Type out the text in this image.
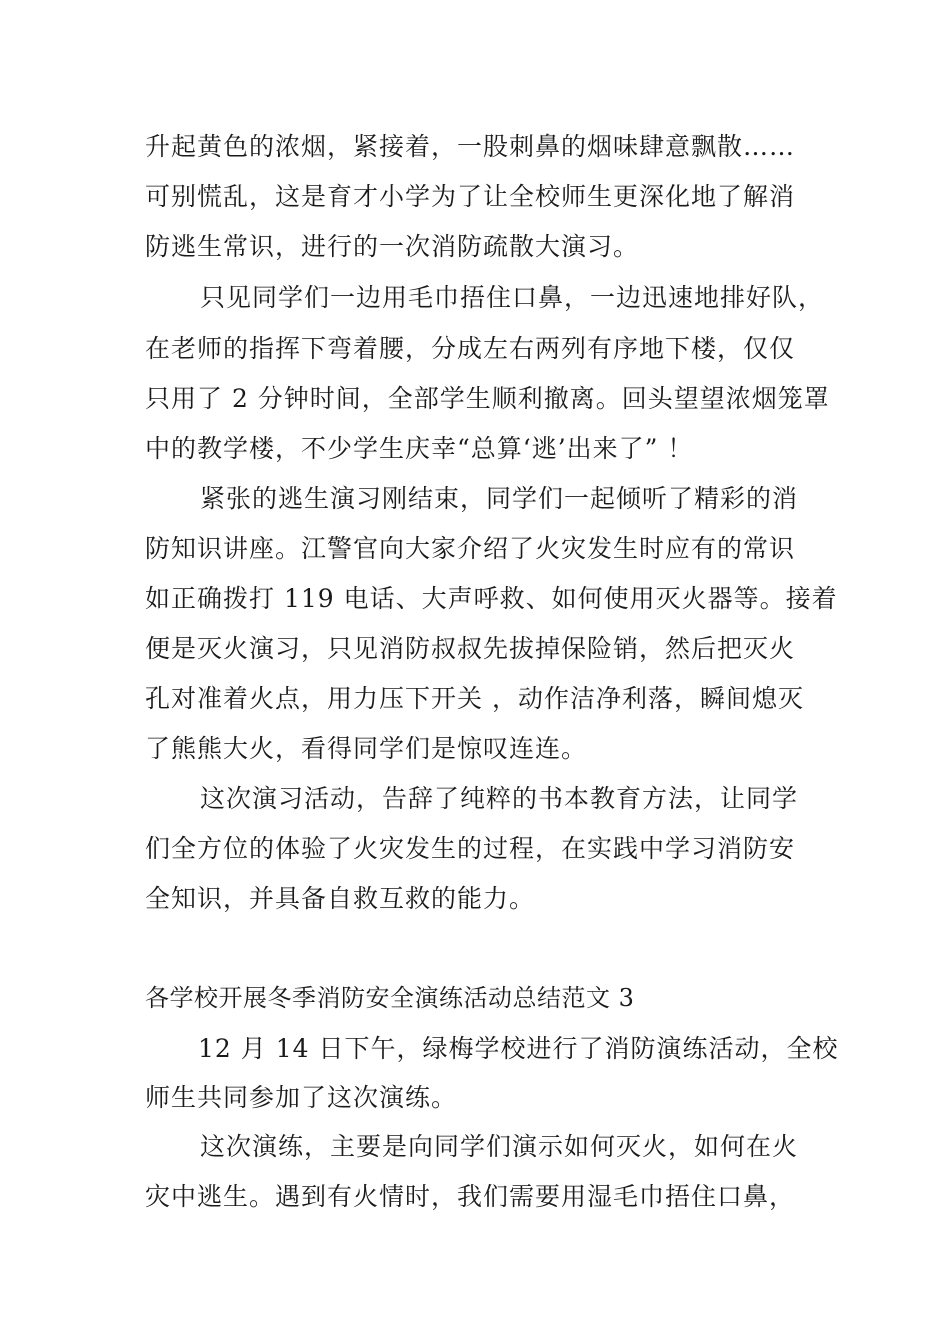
升起黄色的浓烟，紧接着，一股刺鼻的烟味肆意飘散……
可别慌乱，这是育才小学为了让全校师生更深化地了解消
防逃生常识，进行的一次消防疏散大演习。
只见同学们一边用毛巾捂住口鼻，一边迅速地排好队，
在老师的指挥下弯着腰，分成左右两列有序地下楼，仅仅
只用了 2 分钟时间，全部学生顺利撤离。回头望望浓烟笼罩
中的教学楼，不少学生庆幸“总算‘逃’出来了” ！
紧张的逃生演习刚结束，同学们一起倾听了精彩的消
防知识讲座。江警官向大家介绍了火灾发生时应有的常识
如正确拨打 119 电话、大声呼救、如何使用灭火器等。接着
便是灭火演习，只见消防叔叔先拔掉保险销，然后把灭火
孔对准着火点，用力压下开关 ，动作洁净利落，瞬间熄灭
了熊熊大火，看得同学们是惊叹连连。
这次演习活动，告辞了纯粹的书本教育方法，让同学
们全方位的体验了火灾发生的过程，在实践中学习消防安
全知识，并具备自救互救的能力。
各学校开展冬季消防安全演练活动总结范文 3
12 月 14 日下午，绿梅学校进行了消防演练活动，全校
师生共同参加了这次演练。
这次演练，主要是向同学们演示如何灭火，如何在火
灾中逃生。遇到有火情时，我们需要用湿毛巾捂住口鼻，
